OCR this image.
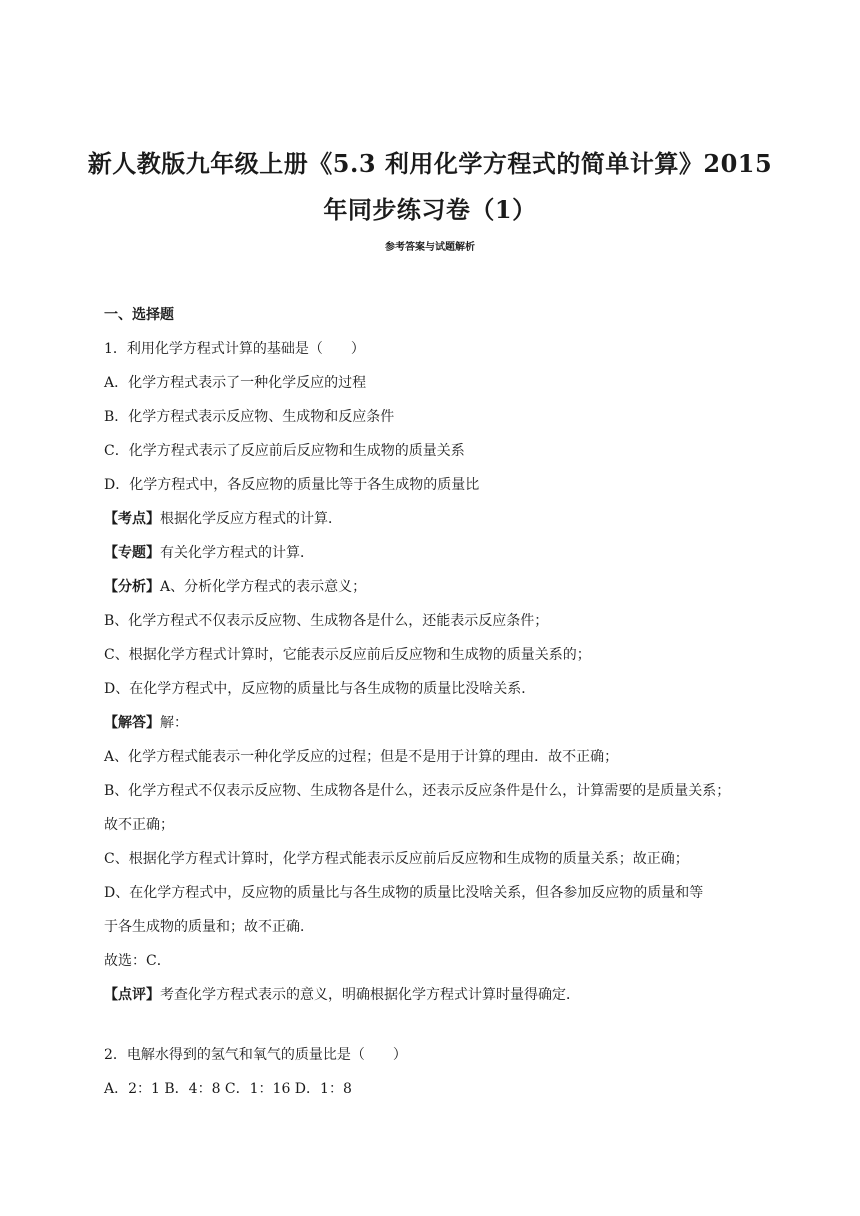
新人教版九年级上册《5.3 利用化学方程式的简单计算》2015
年同步练习卷（1）

参考答案与试题解析

一、选择题
1．利用化学方程式计算的基础是（　　）
A．化学方程式表示了一种化学反应的过程
B．化学方程式表示反应物、生成物和反应条件
C．化学方程式表示了反应前后反应物和生成物的质量关系
D．化学方程式中，各反应物的质量比等于各生成物的质量比
【考点】根据化学反应方程式的计算．
【专题】有关化学方程式的计算．
【分析】A、分析化学方程式的表示意义；
B、化学方程式不仅表示反应物、生成物各是什么，还能表示反应条件；
C、根据化学方程式计算时，它能表示反应前后反应物和生成物的质量关系的；
D、在化学方程式中，反应物的质量比与各生成物的质量比没啥关系．
【解答】解：
A、化学方程式能表示一种化学反应的过程；但是不是用于计算的理由．故不正确；
B、化学方程式不仅表示反应物、生成物各是什么，还表示反应条件是什么，计算需要的是质量关系；
故不正确；
C、根据化学方程式计算时，化学方程式能表示反应前后反应物和生成物的质量关系；故正确；
D、在化学方程式中，反应物的质量比与各生成物的质量比没啥关系，但各参加反应物的质量和等
于各生成物的质量和；故不正确．
故选：C．
【点评】考查化学方程式表示的意义，明确根据化学方程式计算时量得确定．
2．电解水得到的氢气和氧气的质量比是（　　）
A．2：1 B．4：8 C．1：16 D．1：8
